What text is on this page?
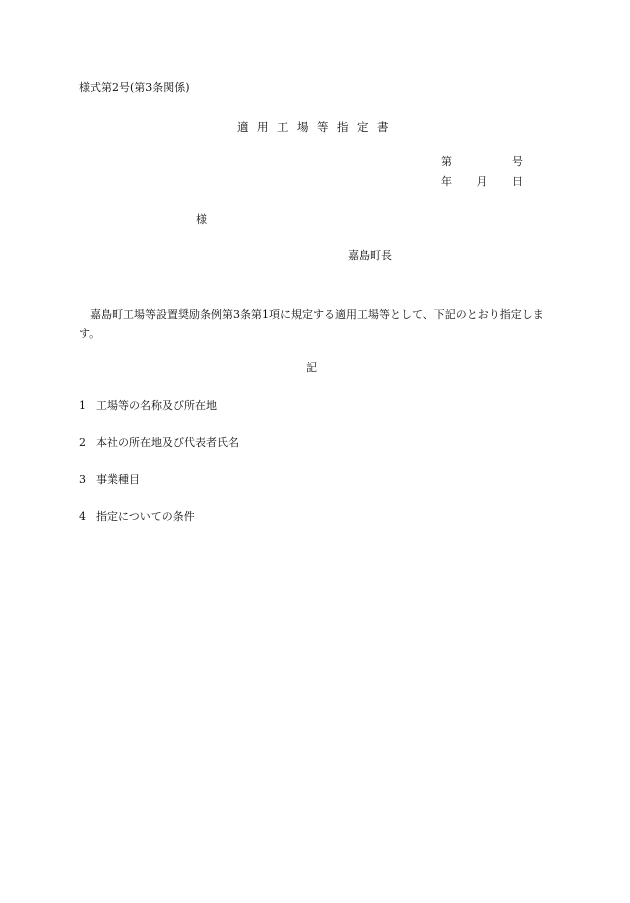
様式第2号(第3条関係)
適用工場等指定書
第	号
年 月 日
様
嘉島町長
嘉島町工場等設置奨励条例第3条第1項に規定する適用工場等として、下記のとおり指定します。
記
1 工場等の名称及び所在地
2 本社の所在地及び代表者氏名
3 事業種目
4 指定についての条件
